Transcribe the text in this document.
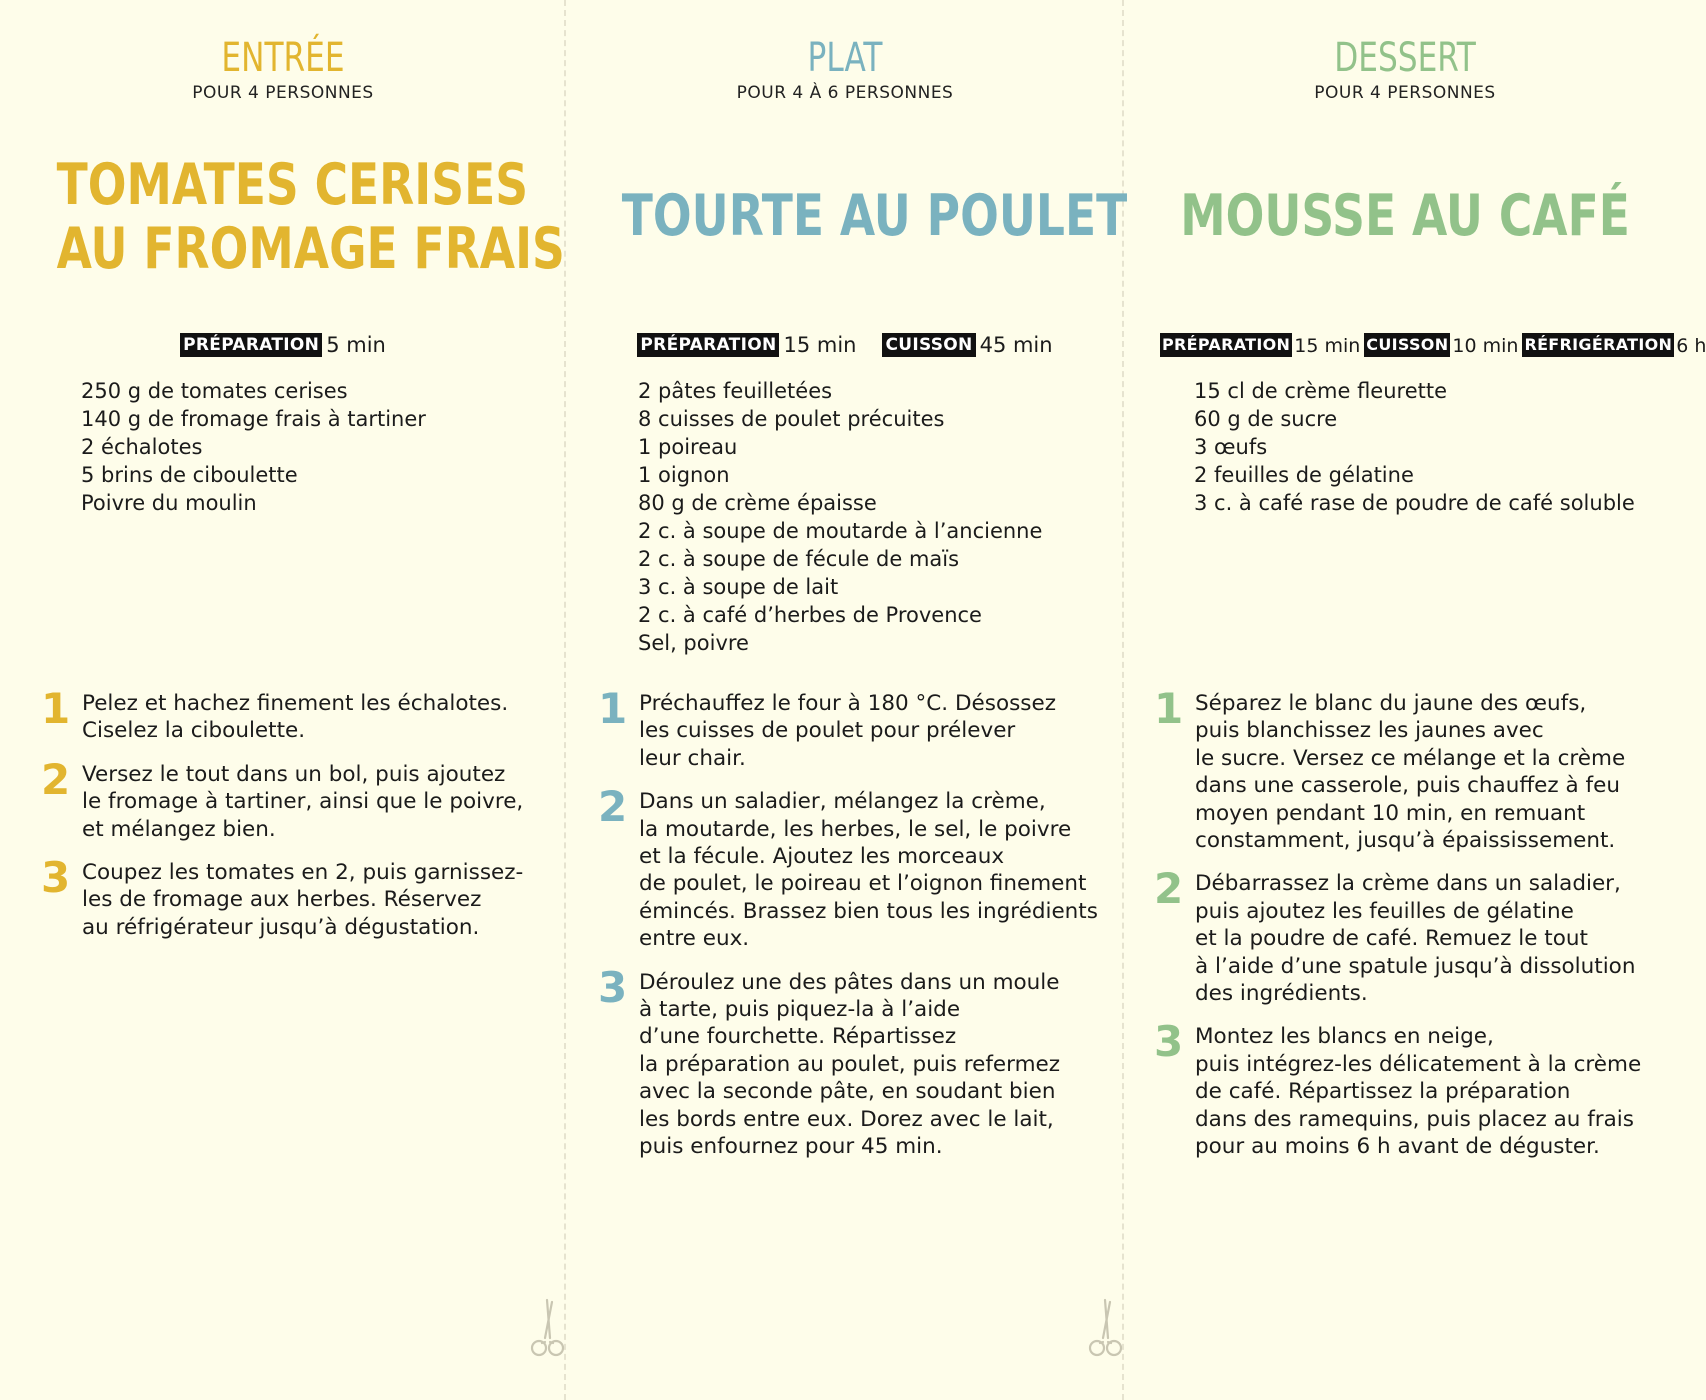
ENTRÉE
POUR 4 PERSONNES
TOMATES CERISES
AU FROMAGE FRAIS
PRÉPARATION 5 min
250 g de tomates cerises
140 g de fromage frais à tartiner
2 échalotes
5 brins de ciboulette
Poivre du moulin
1 Pelez et hachez finement les échalotes.
Ciselez la ciboulette.
2 Versez le tout dans un bol, puis ajoutez
le fromage à tartiner, ainsi que le poivre,
et mélangez bien.
3 Coupez les tomates en 2, puis garnissez-
les de fromage aux herbes. Réservez
au réfrigérateur jusqu’à dégustation.
PLAT
POUR 4 À 6 PERSONNES
TOURTE AU POULET
PRÉPARATION 15 min CUISSON 45 min
2 pâtes feuilletées
8 cuisses de poulet précuites
1 poireau
1 oignon
80 g de crème épaisse
2 c. à soupe de moutarde à l’ancienne
2 c. à soupe de fécule de maïs
3 c. à soupe de lait
2 c. à café d’herbes de Provence
Sel, poivre
1 Préchauffez le four à 180 °C. Désossez
les cuisses de poulet pour prélever
leur chair.
2 Dans un saladier, mélangez la crème,
la moutarde, les herbes, le sel, le poivre
et la fécule. Ajoutez les morceaux
de poulet, le poireau et l’oignon finement
émincés. Brassez bien tous les ingrédients
entre eux.
3 Déroulez une des pâtes dans un moule
à tarte, puis piquez-la à l’aide
d’une fourchette. Répartissez
la préparation au poulet, puis refermez
avec la seconde pâte, en soudant bien
les bords entre eux. Dorez avec le lait,
puis enfournez pour 45 min.
DESSERT
POUR 4 PERSONNES
MOUSSE AU CAFÉ
PRÉPARATION 15 min CUISSON 10 min RÉFRIGÉRATION 6 h
15 cl de crème fleurette
60 g de sucre
3 œufs
2 feuilles de gélatine
3 c. à café rase de poudre de café soluble
1 Séparez le blanc du jaune des œufs,
puis blanchissez les jaunes avec
le sucre. Versez ce mélange et la crème
dans une casserole, puis chauffez à feu
moyen pendant 10 min, en remuant
constamment, jusqu’à épaississement.
2 Débarrassez la crème dans un saladier,
puis ajoutez les feuilles de gélatine
et la poudre de café. Remuez le tout
à l’aide d’une spatule jusqu’à dissolution
des ingrédients.
3 Montez les blancs en neige,
puis intégrez-les délicatement à la crème
de café. Répartissez la préparation
dans des ramequins, puis placez au frais
pour au moins 6 h avant de déguster.
